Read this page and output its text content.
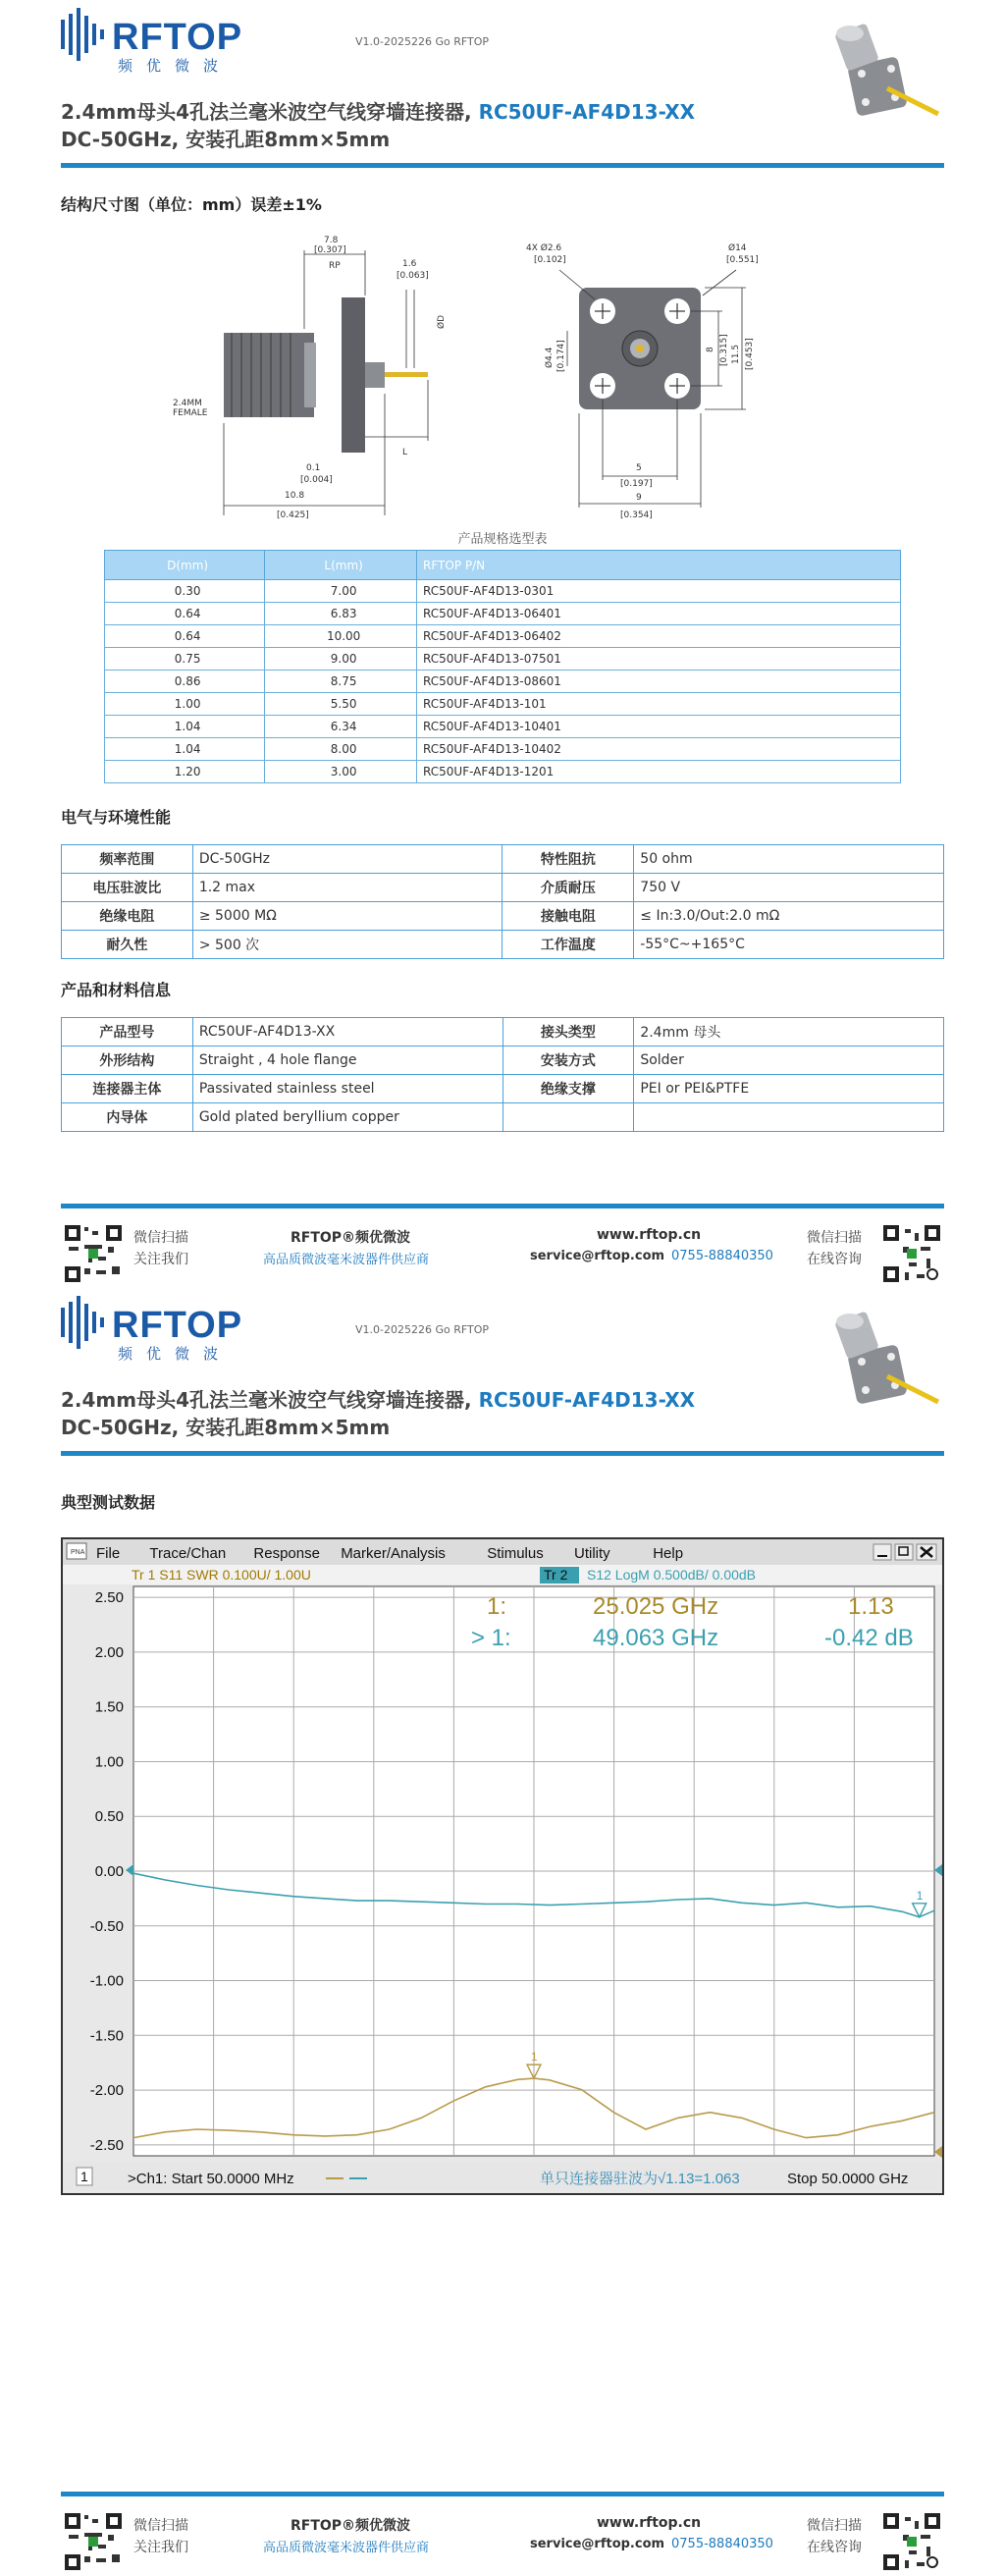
RFTOP
频优微波
V1.0-2025226 Go RFTOP
2.4mm母头4孔法兰毫米波空气线穿墙连接器, RC50UF-AF4D13-XX
DC-50GHz, 安装孔距8mm×5mm
结构尺寸图（单位：mm）误差±1%
7.8
[0.307]
RP	1.6
[0.063]
ØD
2.4MM
FEMALE
L
0.1
[0.004]
10.8
[0.425]
4X Ø2.6
[0.102]
Ø14
[0.551]
Ø4.4 [0.174]	8 [0.315] 11.5 [0.453]
5
[0.197]
9
[0.354]
产品规格选型表
D(mm)	L(mm)	RFTOP P/N
0.30	7.00	RC50UF-AF4D13-0301
0.64	6.83	RC50UF-AF4D13-06401
0.64	10.00	RC50UF-AF4D13-06402
0.75	9.00	RC50UF-AF4D13-07501
0.86	8.75	RC50UF-AF4D13-08601
1.00	5.50	RC50UF-AF4D13-101
1.04	6.34	RC50UF-AF4D13-10401
1.04	8.00	RC50UF-AF4D13-10402
1.20	3.00	RC50UF-AF4D13-1201
电气与环境性能
频率范围	DC-50GHz	特性阻抗	50 ohm
电压驻波比	1.2 max	介质耐压	750 V
绝缘电阻	≥ 5000 MΩ	接触电阻	≤ In:3.0/Out:2.0 mΩ
耐久性	> 500 次	工作温度	-55°C~+165°C
产品和材料信息
产品型号	RC50UF-AF4D13-XX	接头类型	2.4mm 母头
外形结构	Straight , 4 hole flange	安装方式	Solder
连接器主体	Passivated stainless steel	绝缘支撑	PEI or PEI&PTFE
内导体	Gold plated beryllium copper		
微信扫描
关注我们
RFTOP®频优微波
高品质微波毫米波器件供应商
www.rftop.cn
service@rftop.com 0755-88840350
微信扫描
在线咨询
RFTOP
频优微波
V1.0-2025226 Go RFTOP
2.4mm母头4孔法兰毫米波空气线穿墙连接器, RC50UF-AF4D13-XX
DC-50GHz, 安装孔距8mm×5mm
典型测试数据
PNA File Trace/Chan Response Marker/Analysis	Stimulus Utility	Help
Tr 1 S11 SWR 0.100U/ 1.00U	Tr 2 S12 LogM 0.500dB/ 0.00dB
2.50
2.00
1.50
1.00
0.50
0.00
-0.50
-1.00
-1.50
-2.00
-2.50
1:	25.025 GHz	1.13
> 1:	49.063 GHz	-0.42 dB
1
1
1	>Ch1: Start 50.0000 MHz	单只连接器驻波为√1.13=1.063	Stop 50.0000 GHz
微信扫描
关注我们
RFTOP®频优微波
高品质微波毫米波器件供应商
www.rftop.cn
service@rftop.com 0755-88840350
微信扫描
在线咨询
